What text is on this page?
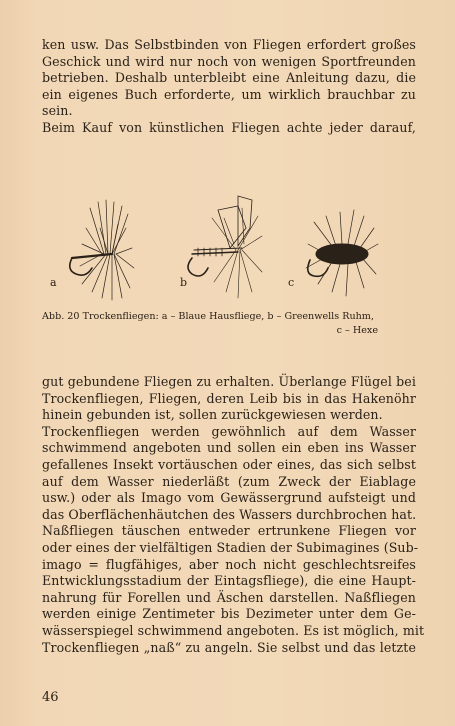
ken usw. Das Selbstbinden von Fliegen erfordert großes
Geschick und wird nur noch von wenigen Sportfreunden
betrieben. Deshalb unterbleibt eine Anleitung dazu, die
ein eigenes Buch erforderte, um wirklich brauchbar zu
sein.
Beim Kauf von künstlichen Fliegen achte jeder darauf,
a	b	c
Abb. 20 Trockenfliegen: a – Blaue Hausfliege, b – Greenwells Ruhm,
c – Hexe
gut gebundene Fliegen zu erhalten. Überlange Flügel bei
Trockenfliegen, Fliegen, deren Leib bis in das Hakenöhr
hinein gebunden ist, sollen zurückgewiesen werden.
Trockenfliegen werden gewöhnlich auf dem Wasser
schwimmend angeboten und sollen ein eben ins Wasser
gefallenes Insekt vortäuschen oder eines, das sich selbst
auf dem Wasser niederläßt (zum Zweck der Eiablage
usw.) oder als Imago vom Gewässergrund aufsteigt und
das Oberflächenhäutchen des Wassers durchbrochen hat.
Naßfliegen täuschen entweder ertrunkene Fliegen vor
oder eines der vielfältigen Stadien der Subimagines (Sub-
imago = flugfähiges, aber noch nicht geschlechtsreifes
Entwicklungsstadium der Eintagsfliege), die eine Haupt-
nahrung für Forellen und Äschen darstellen. Naßfliegen
werden einige Zentimeter bis Dezimeter unter dem Ge-
wässerspiegel schwimmend angeboten. Es ist möglich, mit
Trockenfliegen „naß“ zu angeln. Sie selbst und das letzte
46
